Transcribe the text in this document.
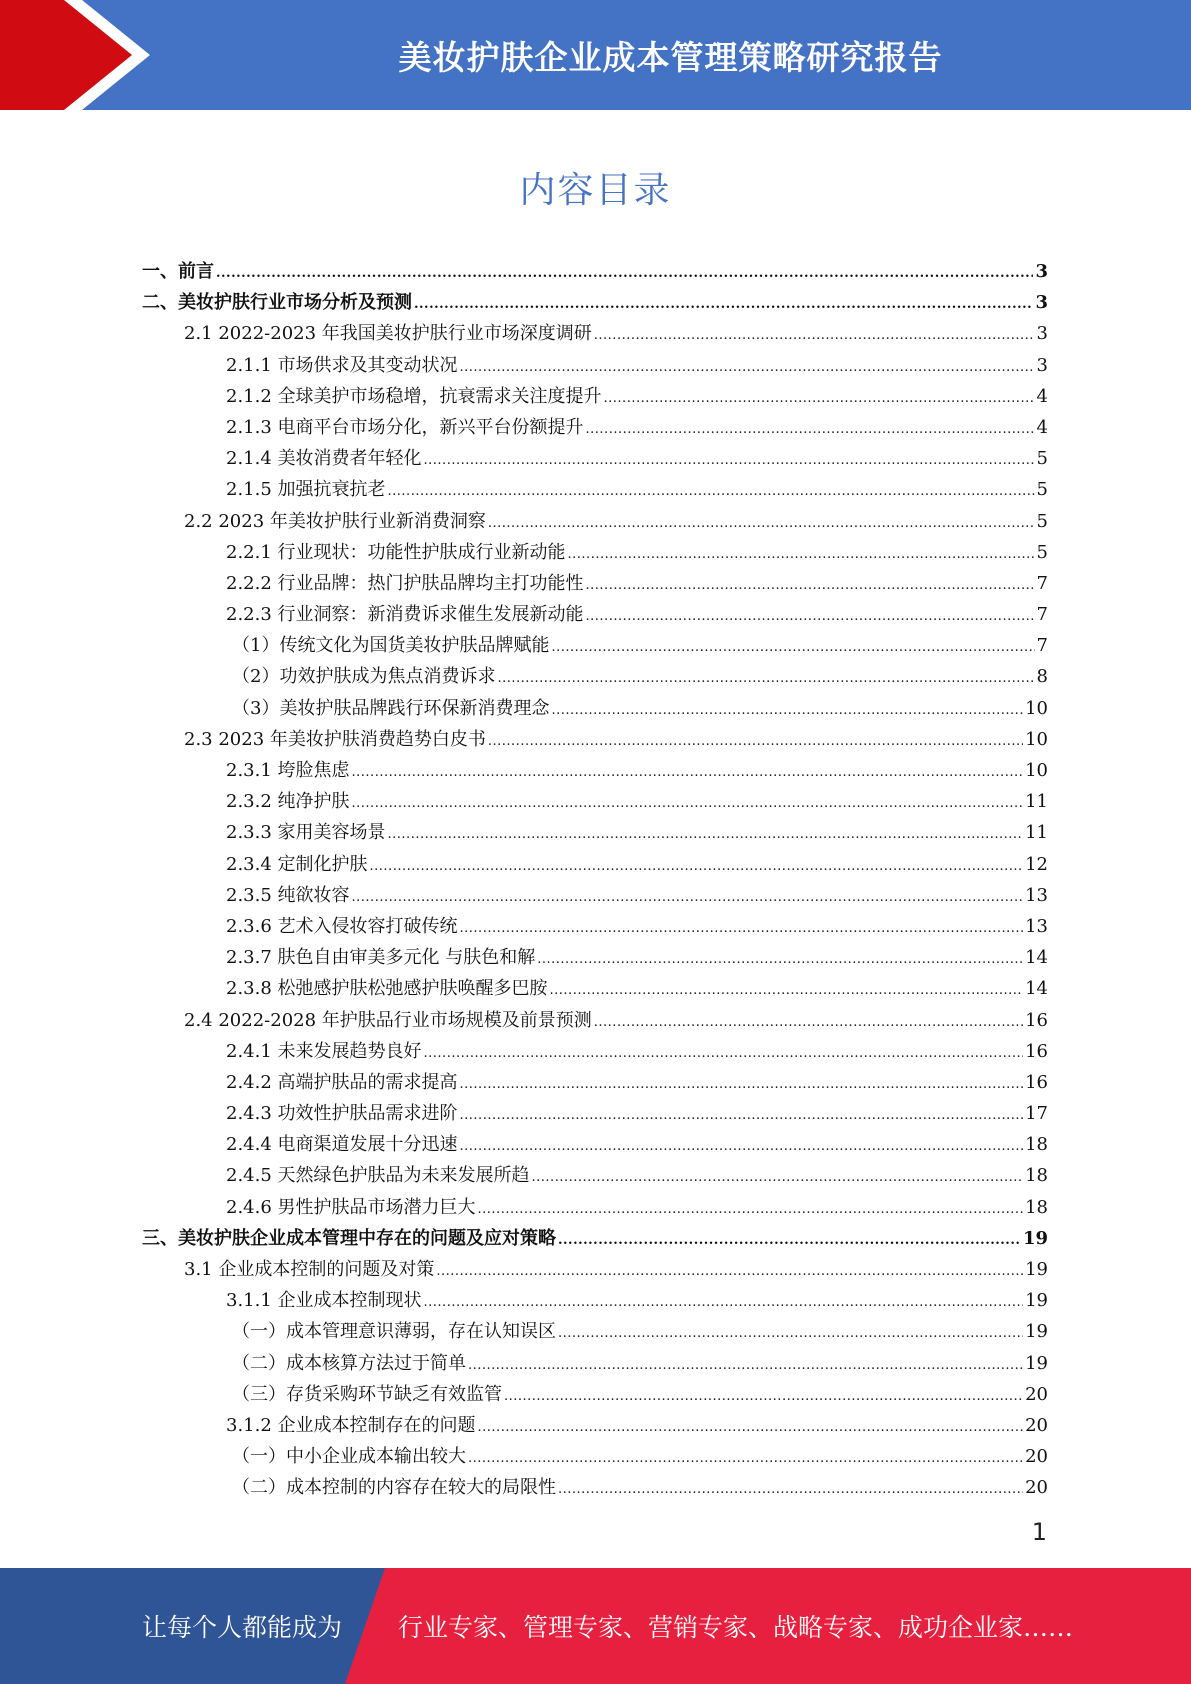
美妆护肤企业成本管理策略研究报告
内容目录
一、前言 .....	3
二、美妆护肤行业市场分析及预测 .....	3
2.1 2022-2023 年我国美妆护肤行业市场深度调研 .....	3
2.1.1 市场供求及其变动状况 .....	3
2.1.2 全球美护市场稳增，抗衰需求关注度提升 .....	4
2.1.3 电商平台市场分化，新兴平台份额提升 .....	4
2.1.4 美妆消费者年轻化 .....	5
2.1.5 加强抗衰抗老 .....	5
2.2 2023 年美妆护肤行业新消费洞察 .....	5
2.2.1 行业现状：功能性护肤成行业新动能 .....	5
2.2.2 行业品牌：热门护肤品牌均主打功能性 .....	7
2.2.3 行业洞察：新消费诉求催生发展新动能 .....	7
（1）传统文化为国货美妆护肤品牌赋能 .....	7
（2）功效护肤成为焦点消费诉求 .....	8
（3）美妆护肤品牌践行环保新消费理念 .....	10
2.3 2023 年美妆护肤消费趋势白皮书 .....	10
2.3.1 垮脸焦虑 .....	10
2.3.2 纯净护肤 .....	11
2.3.3 家用美容场景 .....	11
2.3.4 定制化护肤 .....	12
2.3.5 纯欲妆容 .....	13
2.3.6 艺术入侵妆容打破传统 .....	13
2.3.7 肤色自由审美多元化 与肤色和解 .....	14
2.3.8 松弛感护肤松弛感护肤唤醒多巴胺 .....	14
2.4 2022-2028 年护肤品行业市场规模及前景预测 .....	16
2.4.1 未来发展趋势良好 .....	16
2.4.2 高端护肤品的需求提高 .....	16
2.4.3 功效性护肤品需求进阶 .....	17
2.4.4 电商渠道发展十分迅速 .....	18
2.4.5 天然绿色护肤品为未来发展所趋 .....	18
2.4.6 男性护肤品市场潜力巨大 .....	18
三、美妆护肤企业成本管理中存在的问题及应对策略 .....	19
3.1 企业成本控制的问题及对策 .....	19
3.1.1 企业成本控制现状 .....	19
（一）成本管理意识薄弱，存在认知误区 .....	19
（二）成本核算方法过于简单 .....	19
（三）存货采购环节缺乏有效监管 .....	20
3.1.2 企业成本控制存在的问题 .....	20
（一）中小企业成本输出较大 .....	20
（二）成本控制的内容存在较大的局限性 .....	20
1
让每个人都能成为 行业专家、管理专家、营销专家、战略专家、成功企业家……
